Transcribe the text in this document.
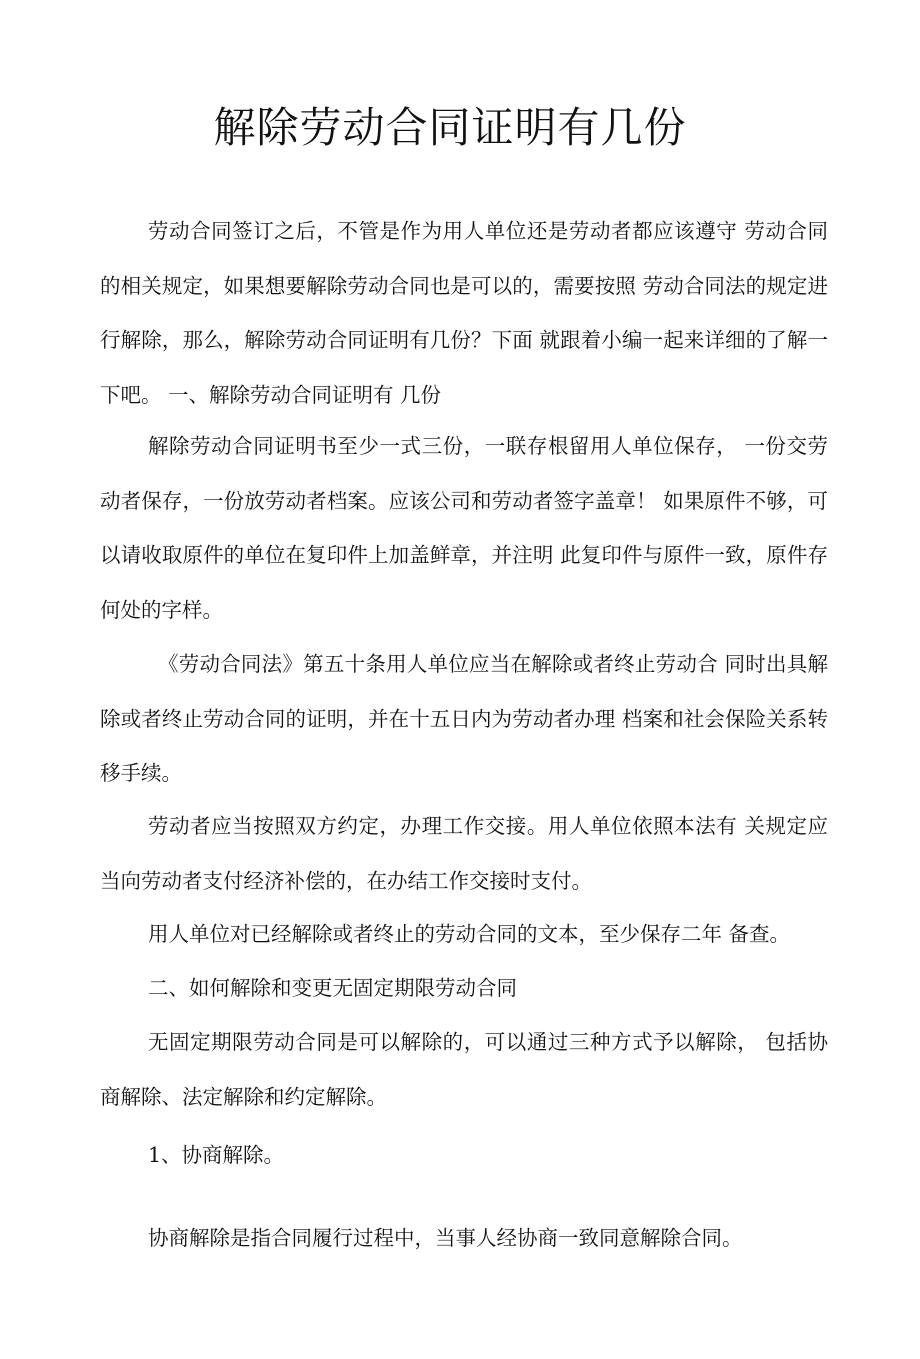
解除劳动合同证明有几份

劳动合同签订之后，不管是作为用人单位还是劳动者都应该遵守 劳动合同的相关规定，如果想要解除劳动合同也是可以的，需要按照 劳动合同法的规定进行解除，那么，解除劳动合同证明有几份？下面 就跟着小编一起来详细的了解一下吧。 一、解除劳动合同证明有 几份

解除劳动合同证明书至少一式三份，一联存根留用人单位保存， 一份交劳动者保存，一份放劳动者档案。应该公司和劳动者签字盖章！ 如果原件不够，可以请收取原件的单位在复印件上加盖鲜章，并注明 此复印件与原件一致，原件存何处的字样。

《劳动合同法》第五十条用人单位应当在解除或者终止劳动合 同时出具解除或者终止劳动合同的证明，并在十五日内为劳动者办理 档案和社会保险关系转移手续。

劳动者应当按照双方约定，办理工作交接。用人单位依照本法有 关规定应当向劳动者支付经济补偿的，在办结工作交接时支付。

用人单位对已经解除或者终止的劳动合同的文本，至少保存二年 备查。

二、如何解除和变更无固定期限劳动合同

无固定期限劳动合同是可以解除的，可以通过三种方式予以解除， 包括协商解除、法定解除和约定解除。

1、协商解除。

协商解除是指合同履行过程中，当事人经协商一致同意解除合同。
